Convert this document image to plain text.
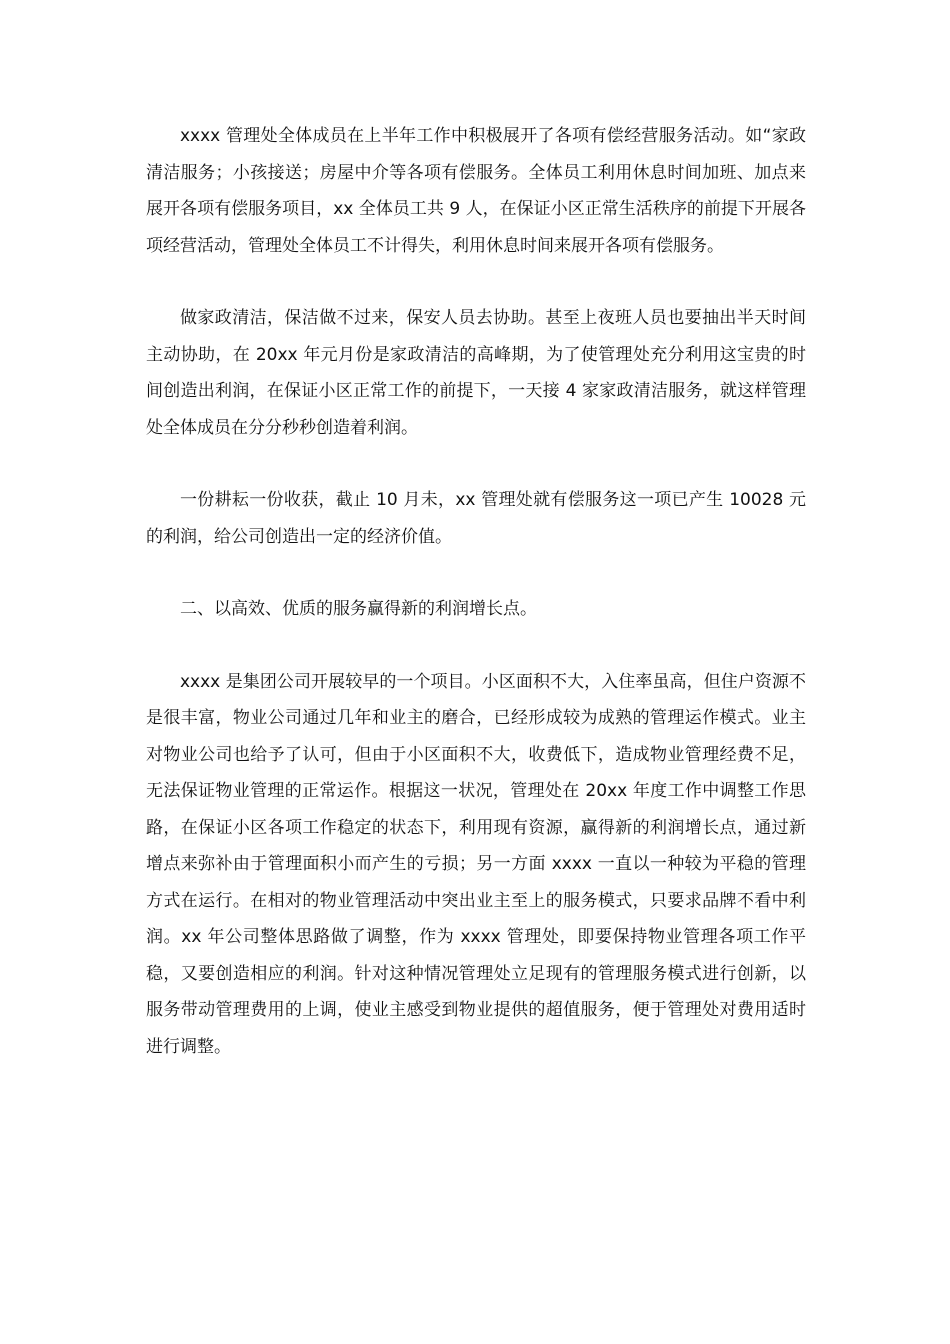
xxxx 管理处全体成员在上半年工作中积极展开了各项有偿经营服务活动。如“家政清洁服务；小孩接送；房屋中介等各项有偿服务。全体员工利用休息时间加班、加点来展开各项有偿服务项目，xx 全体员工共 9 人，在保证小区正常生活秩序的前提下开展各项经营活动，管理处全体员工不计得失，利用休息时间来展开各项有偿服务。

做家政清洁，保洁做不过来，保安人员去协助。甚至上夜班人员也要抽出半天时间主动协助，在 20xx 年元月份是家政清洁的高峰期，为了使管理处充分利用这宝贵的时间创造出利润，在保证小区正常工作的前提下，一天接 4 家家政清洁服务，就这样管理处全体成员在分分秒秒创造着利润。

一份耕耘一份收获，截止 10 月未，xx 管理处就有偿服务这一项已产生 10028 元的利润，给公司创造出一定的经济价值。

二、以高效、优质的服务赢得新的利润增长点。

xxxx 是集团公司开展较早的一个项目。小区面积不大，入住率虽高，但住户资源不是很丰富，物业公司通过几年和业主的磨合，已经形成较为成熟的管理运作模式。业主对物业公司也给予了认可，但由于小区面积不大，收费低下，造成物业管理经费不足，无法保证物业管理的正常运作。根据这一状况，管理处在 20xx 年度工作中调整工作思路，在保证小区各项工作稳定的状态下，利用现有资源，赢得新的利润增长点，通过新增点来弥补由于管理面积小而产生的亏损；另一方面 xxxx 一直以一种较为平稳的管理方式在运行。在相对的物业管理活动中突出业主至上的服务模式，只要求品牌不看中利润。xx 年公司整体思路做了调整，作为 xxxx 管理处，即要保持物业管理各项工作平稳，又要创造相应的利润。针对这种情况管理处立足现有的管理服务模式进行创新，以服务带动管理费用的上调，使业主感受到物业提供的超值服务，便于管理处对费用适时进行调整。
